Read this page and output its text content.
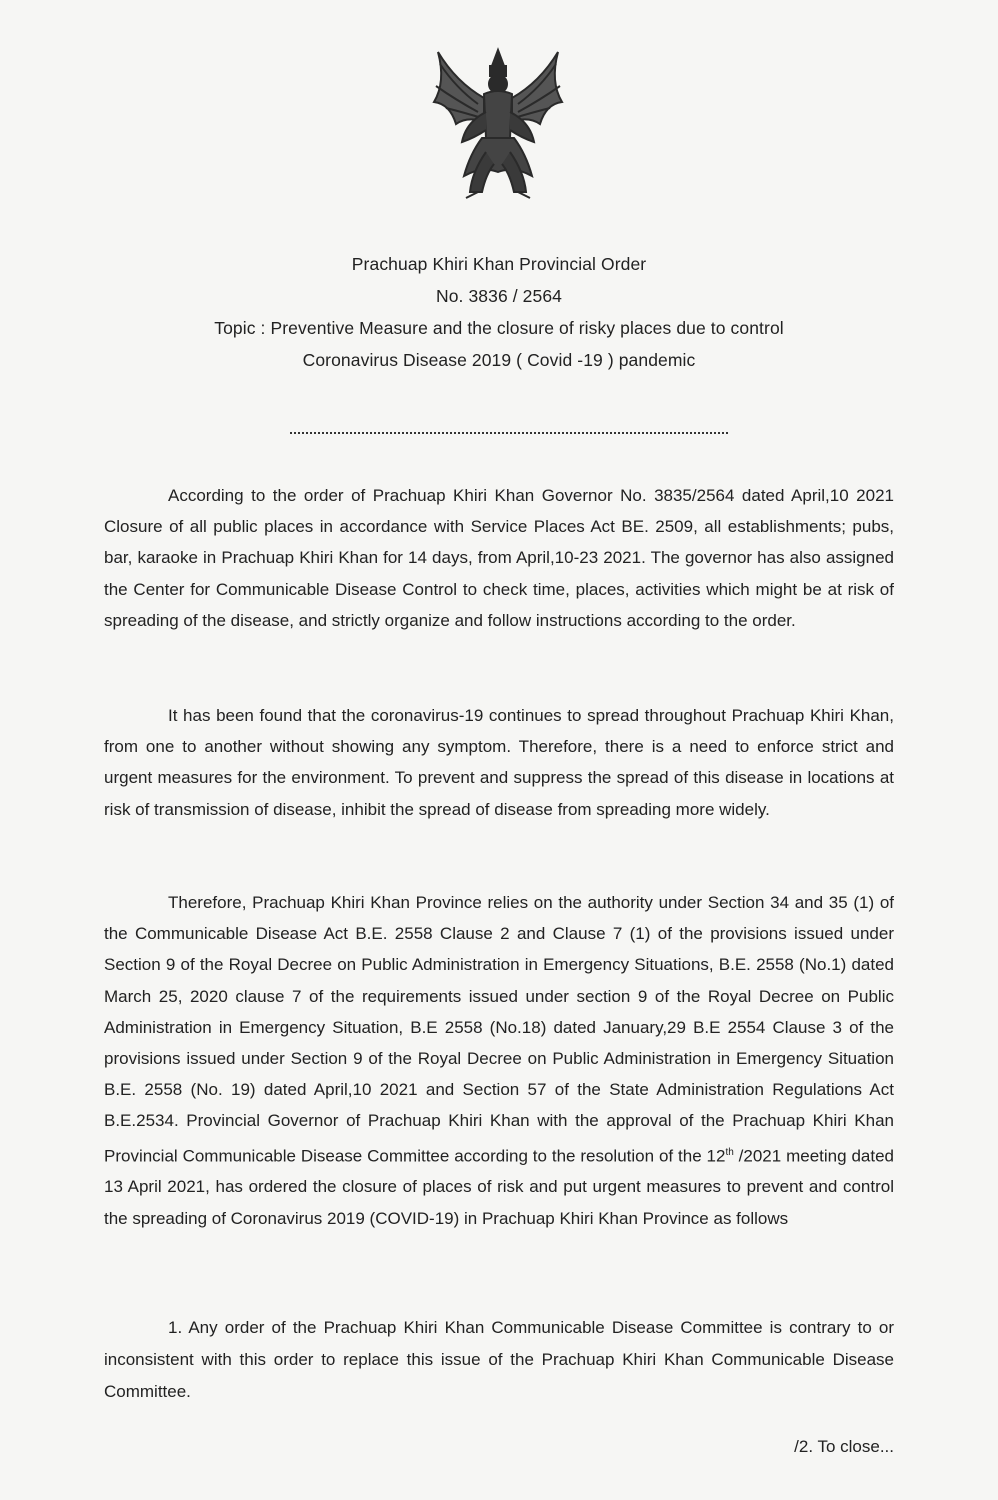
Prachuap Khiri Khan Provincial Order
No. 3836 / 2564
Topic : Preventive Measure and the closure of risky places due to control
Coronavirus Disease 2019 ( Covid -19 ) pandemic

According to the order of Prachuap Khiri Khan Governor No. 3835/2564 dated April,10 2021 Closure of all public places in accordance with Service Places Act BE. 2509, all establishments; pubs, bar, karaoke in Prachuap Khiri Khan for 14 days, from April,10-23 2021. The governor has also assigned the Center for Communicable Disease Control to check time, places, activities which might be at risk of spreading of the disease, and strictly organize and follow instructions according to the order.

It has been found that the coronavirus-19 continues to spread throughout Prachuap Khiri Khan, from one to another without showing any symptom. Therefore, there is a need to enforce strict and urgent measures for the environment. To prevent and suppress the spread of this disease in locations at risk of transmission of disease, inhibit the spread of disease from spreading more widely.

Therefore, Prachuap Khiri Khan Province relies on the authority under Section 34 and 35 (1) of the Communicable Disease Act B.E. 2558 Clause 2 and Clause 7 (1) of the provisions issued under Section 9 of the Royal Decree on Public Administration in Emergency Situations, B.E. 2558 (No.1) dated March 25, 2020 clause 7 of the requirements issued under section 9 of the Royal Decree on Public Administration in Emergency Situation, B.E 2558 (No.18) dated January,29 B.E 2554 Clause 3 of the provisions issued under Section 9 of the Royal Decree on Public Administration in Emergency Situation B.E. 2558 (No. 19) dated April,10 2021 and Section 57 of the State Administration Regulations Act B.E.2534. Provincial Governor of Prachuap Khiri Khan with the approval of the Prachuap Khiri Khan Provincial Communicable Disease Committee according to the resolution of the 12th /2021 meeting dated 13 April 2021, has ordered the closure of places of risk and put urgent measures to prevent and control the spreading of Coronavirus 2019 (COVID-19) in Prachuap Khiri Khan Province as follows

1. Any order of the Prachuap Khiri Khan Communicable Disease Committee is contrary to or inconsistent with this order to replace this issue of the Prachuap Khiri Khan Communicable Disease Committee.

/2. To close...
